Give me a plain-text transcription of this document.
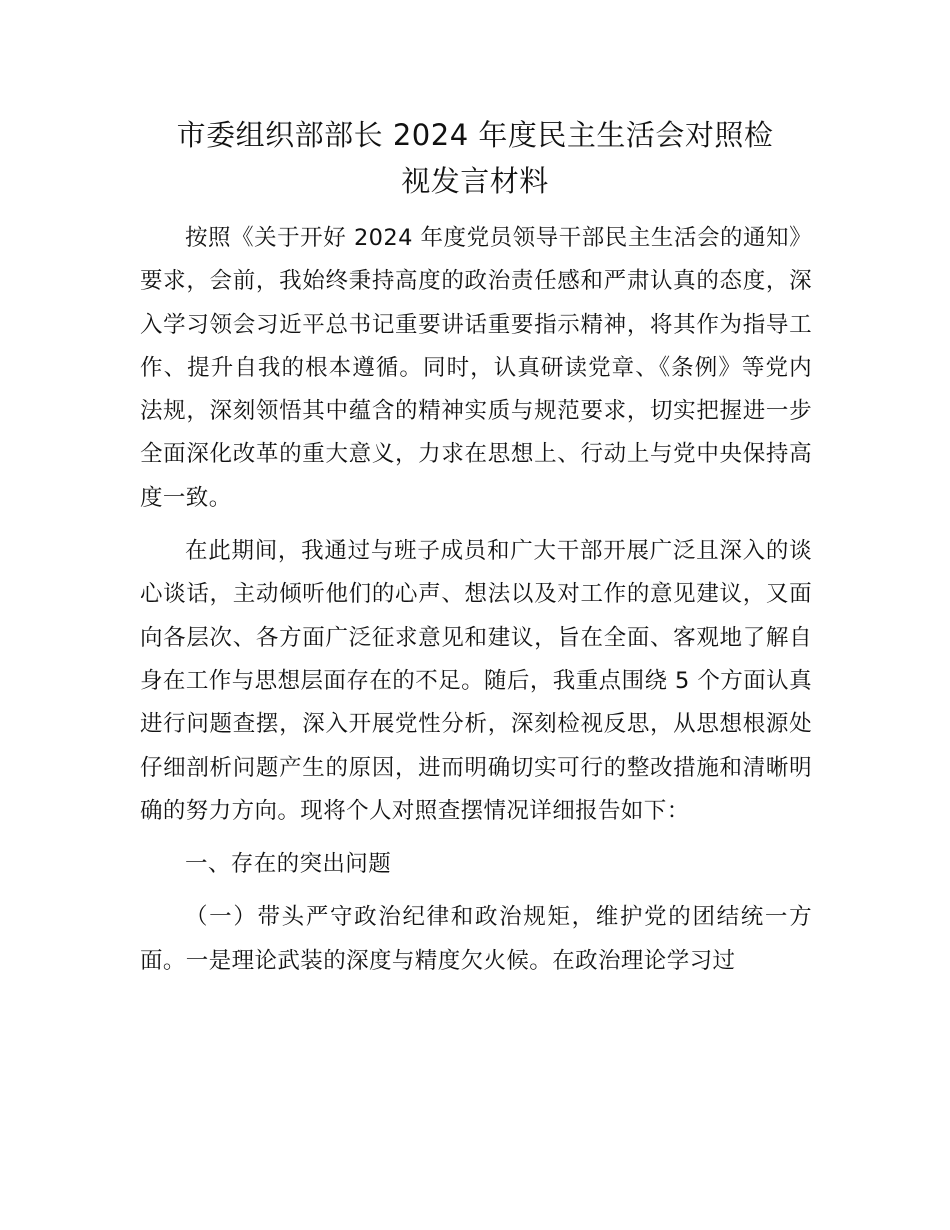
市委组织部部长 2024 年度民主生活会对照检
视发言材料

按照《关于开好 2024 年度党员领导干部民主生活会的通知》要求，会前，我始终秉持高度的政治责任感和严肃认真的态度，深入学习领会习近平总书记重要讲话重要指示精神，将其作为指导工作、提升自我的根本遵循。同时，认真研读党章、《条例》等党内法规，深刻领悟其中蕴含的精神实质与规范要求，切实把握进一步全面深化改革的重大意义，力求在思想上、行动上与党中央保持高度一致。

在此期间，我通过与班子成员和广大干部开展广泛且深入的谈心谈话，主动倾听他们的心声、想法以及对工作的意见建议，又面向各层次、各方面广泛征求意见和建议，旨在全面、客观地了解自身在工作与思想层面存在的不足。随后，我重点围绕 5 个方面认真进行问题查摆，深入开展党性分析，深刻检视反思，从思想根源处仔细剖析问题产生的原因，进而明确切实可行的整改措施和清晰明确的努力方向。现将个人对照查摆情况详细报告如下：

一、存在的突出问题

（一）带头严守政治纪律和政治规矩，维护党的团结统一方面。一是理论武装的深度与精度欠火候。在政治理论学习过
